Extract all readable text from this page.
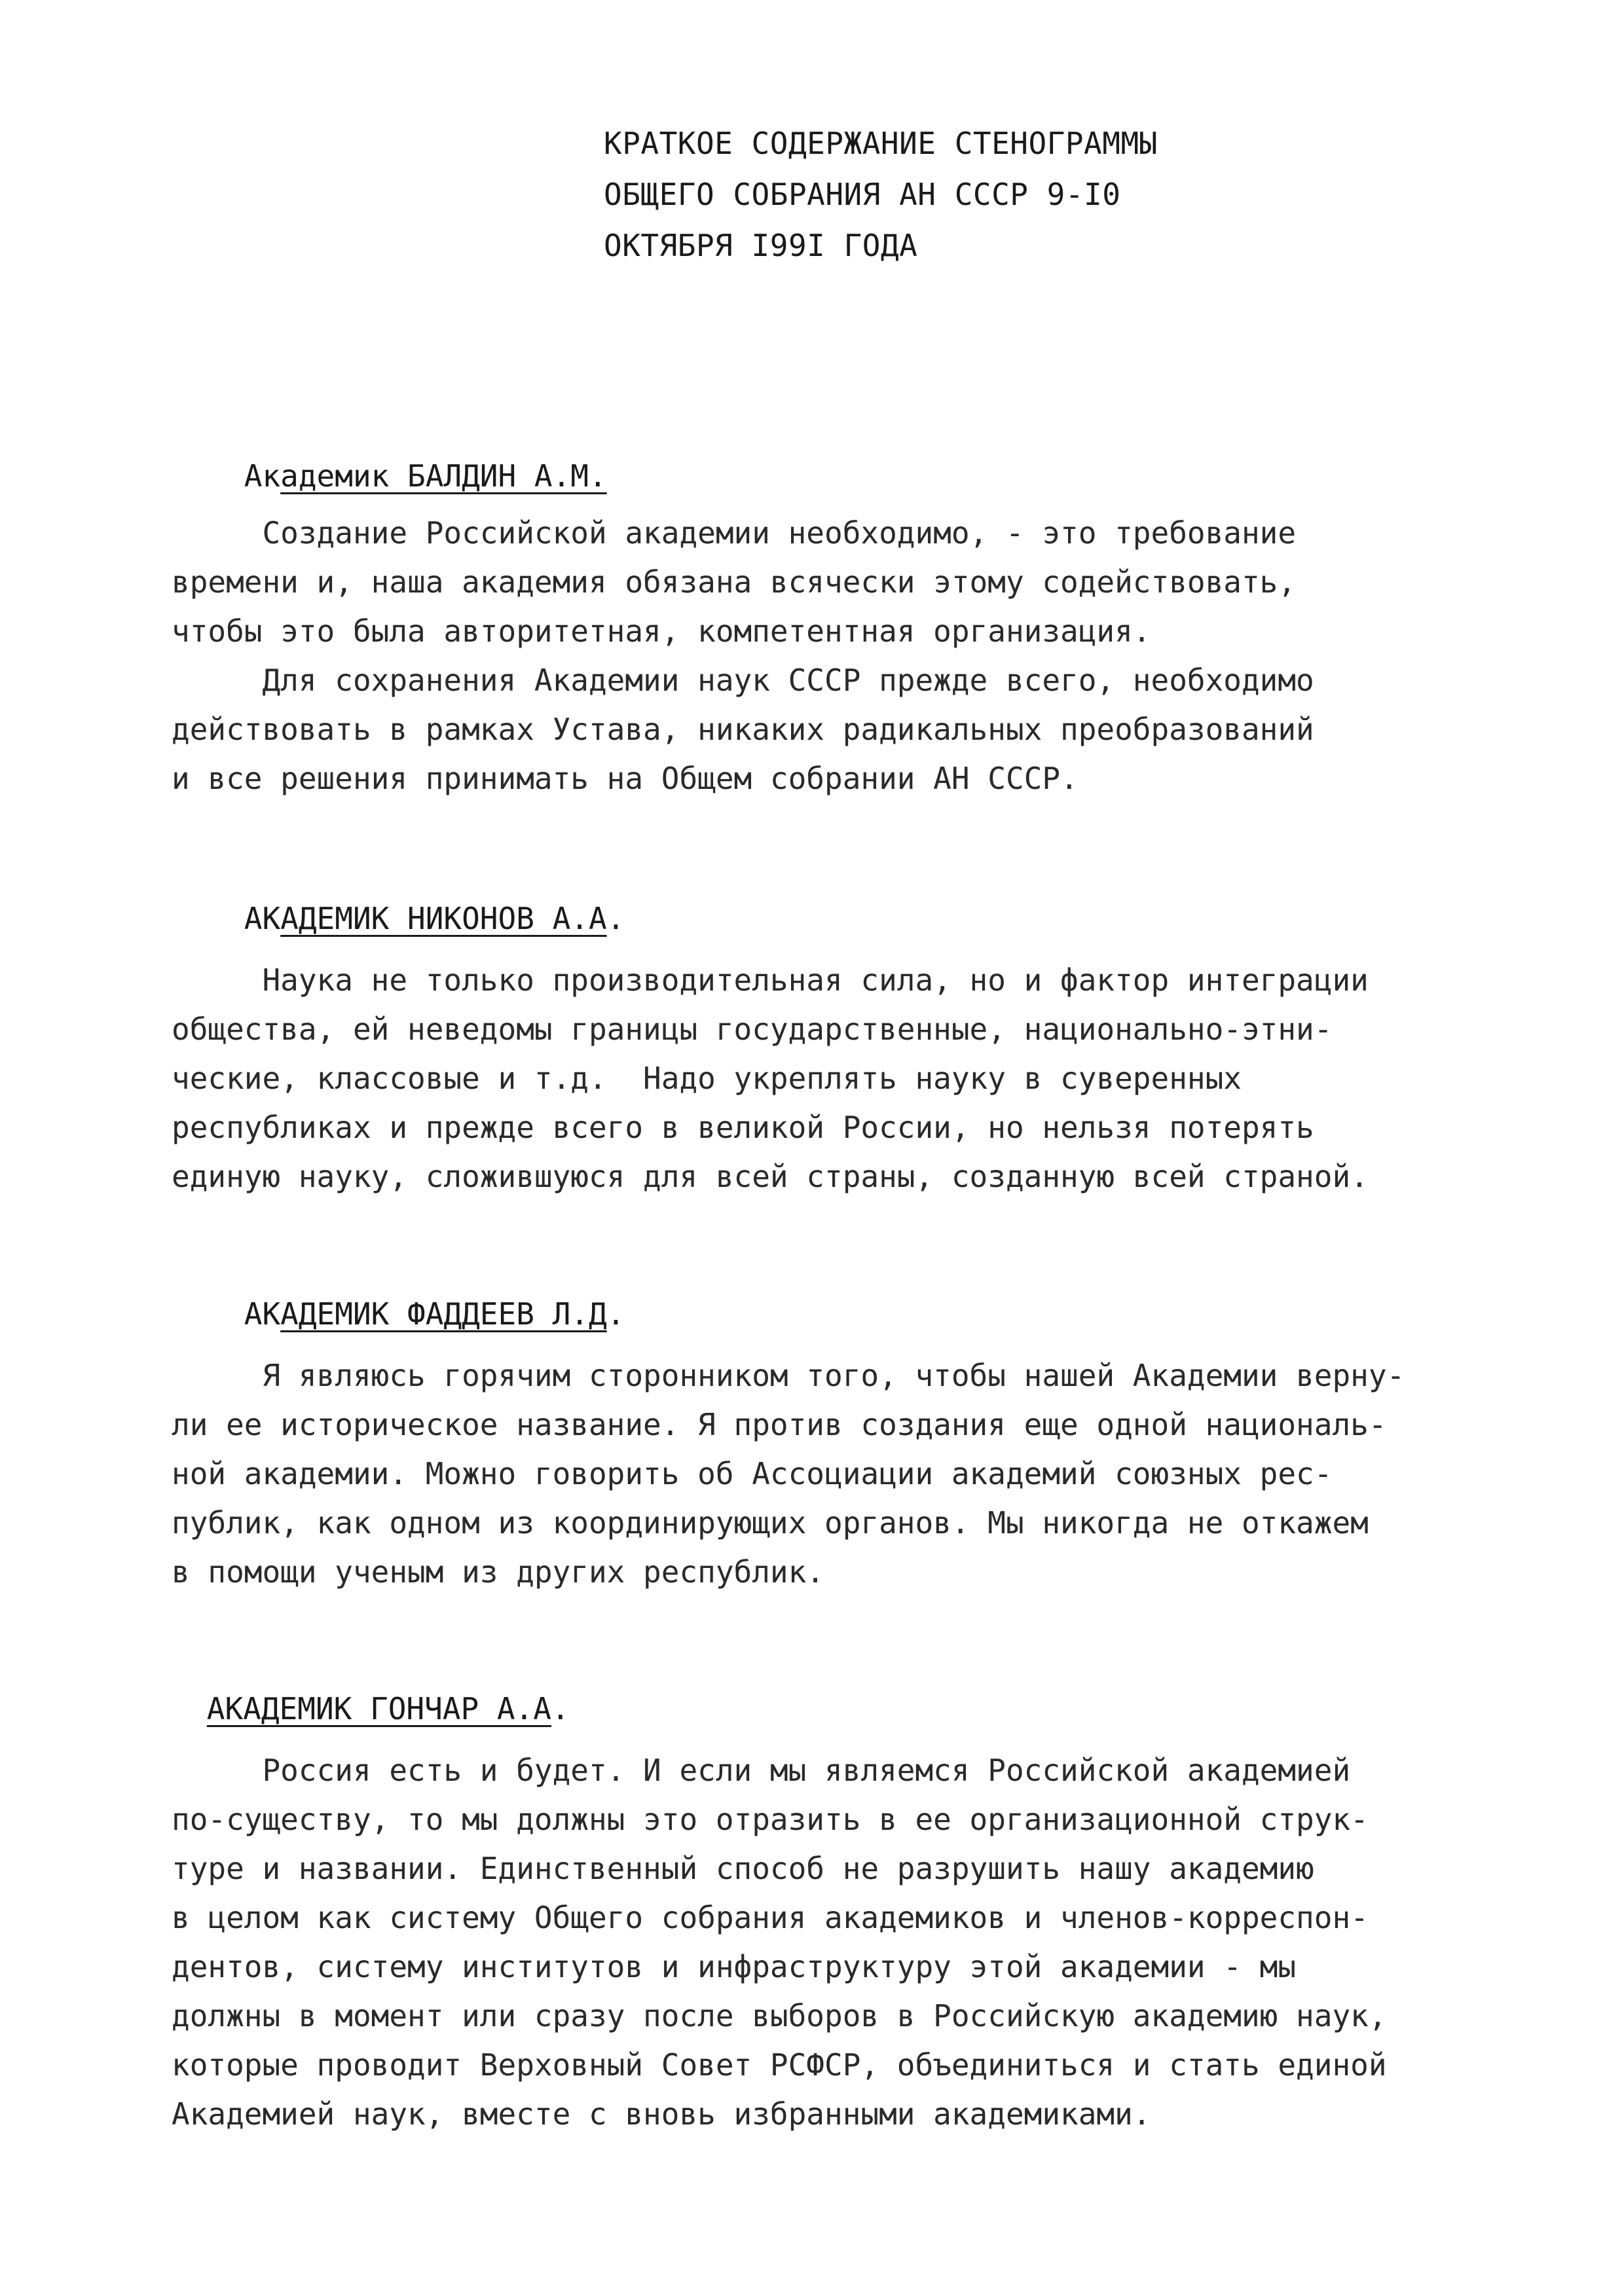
КРАТКОЕ СОДЕРЖАНИЕ СТЕНОГРАММЫ
ОБЩЕГО СОБРАНИЯ АН СССР 9-I0
ОКТЯБРЯ I99I ГОДА

Академик БАЛДИН А.М.

Создание Российской академии необходимо, - это требование
времени и, наша академия обязана всячески этому содействовать,
чтобы это была авторитетная, компетентная организация.
Для сохранения Академии наук СССР прежде всего, необходимо
действовать в рамках Устава, никаких радикальных преобразований
и все решения принимать на Общем собрании АН СССР.

АКАДЕМИК НИКОНОВ А.А.

Наука не только производительная сила, но и фактор интеграции
общества, ей неведомы границы государственные, национально-этни-
ческие, классовые и т.д.  Надо укреплять науку в суверенных
республиках и прежде всего в великой России, но нельзя потерять
единую науку, сложившуюся для всей страны, созданную всей страной.

АКАДЕМИК ФАДДЕЕВ Л.Д.

Я являюсь горячим сторонником того, чтобы нашей Академии верну-
ли ее историческое название. Я против создания еще одной националь-
ной академии. Можно говорить об Ассоциации академий союзных рес-
публик, как одном из координирующих органов. Мы никогда не откажем
в помощи ученым из других республик.

АКАДЕМИК ГОНЧАР А.А.

Россия есть и будет. И если мы являемся Российской академией
по-существу, то мы должны это отразить в ее организационной струк-
туре и названии. Единственный способ не разрушить нашу академию
в целом как систему Общего собрания академиков и членов-корреспон-
дентов, систему институтов и инфраструктуру этой академии - мы
должны в момент или сразу после выборов в Российскую академию наук,
которые проводит Верховный Совет РСФСР, объединиться и стать единой
Академией наук, вместе с вновь избранными академиками.
